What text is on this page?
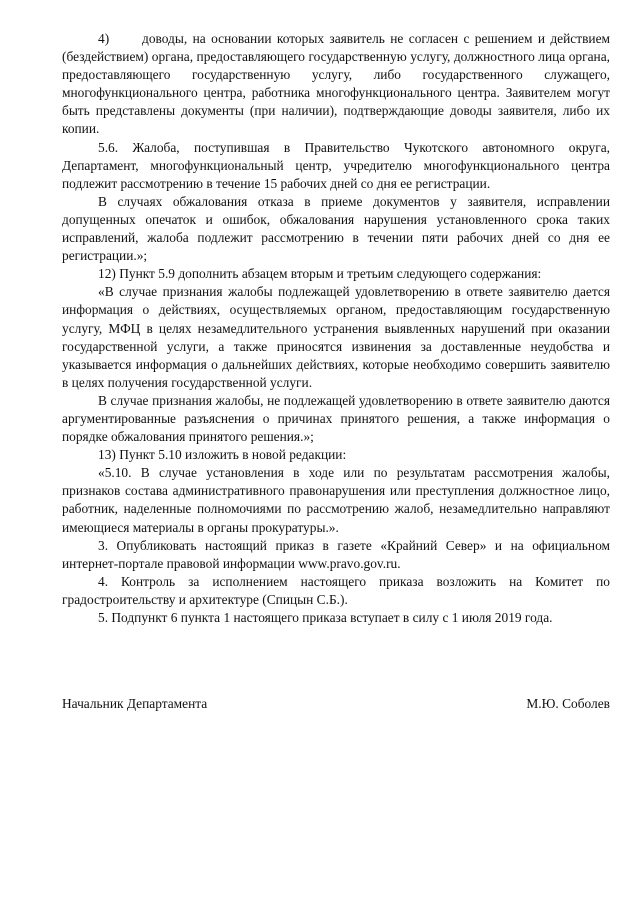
4) доводы, на основании которых заявитель не согласен с решением и действием (бездействием) органа, предоставляющего государственную услугу, должностного лица органа, предоставляющего государственную услугу, либо государственного служащего, многофункционального центра, работника многофункционального центра. Заявителем могут быть представлены документы (при наличии), подтверждающие доводы заявителя, либо их копии.

5.6. Жалоба, поступившая в Правительство Чукотского автономного округа, Департамент, многофункциональный центр, учредителю многофункционального центра подлежит рассмотрению в течение 15 рабочих дней со дня ее регистрации.

В случаях обжалования отказа в приеме документов у заявителя, исправлении допущенных опечаток и ошибок, обжалования нарушения установленного срока таких исправлений, жалоба подлежит рассмотрению в течении пяти рабочих дней со дня ее регистрации.»;

12) Пункт 5.9 дополнить абзацем вторым и третьим следующего содержания:

«В случае признания жалобы подлежащей удовлетворению в ответе заявителю дается информация о действиях, осуществляемых органом, предоставляющим государственную услугу, МФЦ в целях незамедлительного устранения выявленных нарушений при оказании государственной услуги, а также приносятся извинения за доставленные неудобства и указывается информация о дальнейших действиях, которые необходимо совершить заявителю в целях получения государственной услуги.

В случае признания жалобы, не подлежащей удовлетворению в ответе заявителю даются аргументированные разъяснения о причинах принятого решения, а также информация о порядке обжалования принятого решения.»;

13) Пункт 5.10 изложить в новой редакции:

«5.10. В случае установления в ходе или по результатам рассмотрения жалобы, признаков состава административного правонарушения или преступления должностное лицо, работник, наделенные полномочиями по рассмотрению жалоб, незамедлительно направляют имеющиеся материалы в органы прокуратуры.».

3. Опубликовать настоящий приказ в газете «Крайний Север» и на официальном интернет-портале правовой информации www.pravo.gov.ru.

4. Контроль за исполнением настоящего приказа возложить на Комитет по градостроительству и архитектуре (Спицын С.Б.).

5. Подпункт 6 пункта 1 настоящего приказа вступает в силу с 1 июля 2019 года.

Начальник Департамента	М.Ю. Соболев
